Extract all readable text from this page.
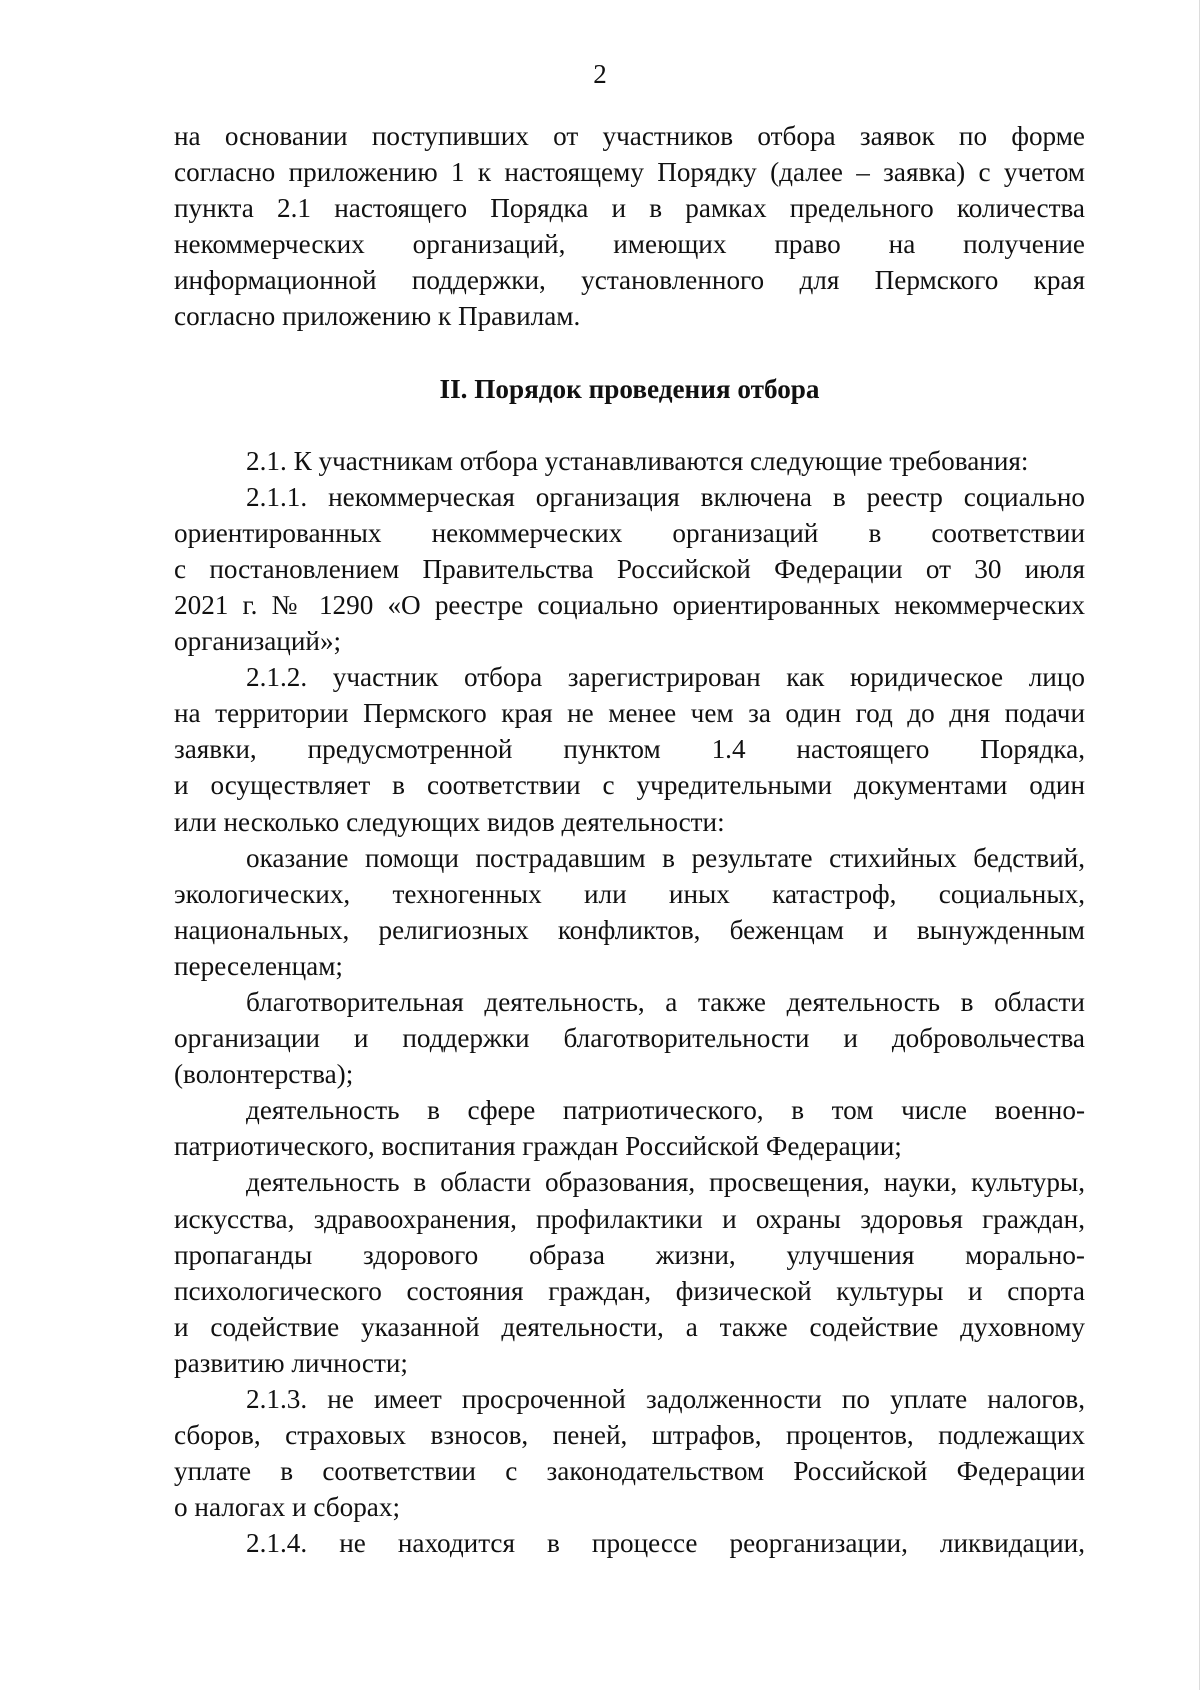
2
на основании поступивших от участников отбора заявок по форме
согласно приложению 1 к настоящему Порядку (далее – заявка) с учетом
пункта 2.1 настоящего Порядка и в рамках предельного количества
некоммерческих организаций, имеющих право на получение
информационной поддержки, установленного для Пермского края
согласно приложению к Правилам.
II. Порядок проведения отбора
2.1. К участникам отбора устанавливаются следующие требования:
2.1.1. некоммерческая организация включена в реестр социально
ориентированных некоммерческих организаций в соответствии
с постановлением Правительства Российской Федерации от 30 июля
2021 г. № 1290 «О реестре социально ориентированных некоммерческих
организаций»;
2.1.2. участник отбора зарегистрирован как юридическое лицо
на территории Пермского края не менее чем за один год до дня подачи
заявки, предусмотренной пунктом 1.4 настоящего Порядка,
и осуществляет в соответствии с учредительными документами один
или несколько следующих видов деятельности:
оказание помощи пострадавшим в результате стихийных бедствий,
экологических, техногенных или иных катастроф, социальных,
национальных, религиозных конфликтов, беженцам и вынужденным
переселенцам;
благотворительная деятельность, а также деятельность в области
организации и поддержки благотворительности и добровольчества
(волонтерства);
деятельность в сфере патриотического, в том числе военно-
патриотического, воспитания граждан Российской Федерации;
деятельность в области образования, просвещения, науки, культуры,
искусства, здравоохранения, профилактики и охраны здоровья граждан,
пропаганды здорового образа жизни, улучшения морально-
психологического состояния граждан, физической культуры и спорта
и содействие указанной деятельности, а также содействие духовному
развитию личности;
2.1.3. не имеет просроченной задолженности по уплате налогов,
сборов, страховых взносов, пеней, штрафов, процентов, подлежащих
уплате в соответствии с законодательством Российской Федерации
о налогах и сборах;
2.1.4. не находится в процессе реорганизации, ликвидации,
